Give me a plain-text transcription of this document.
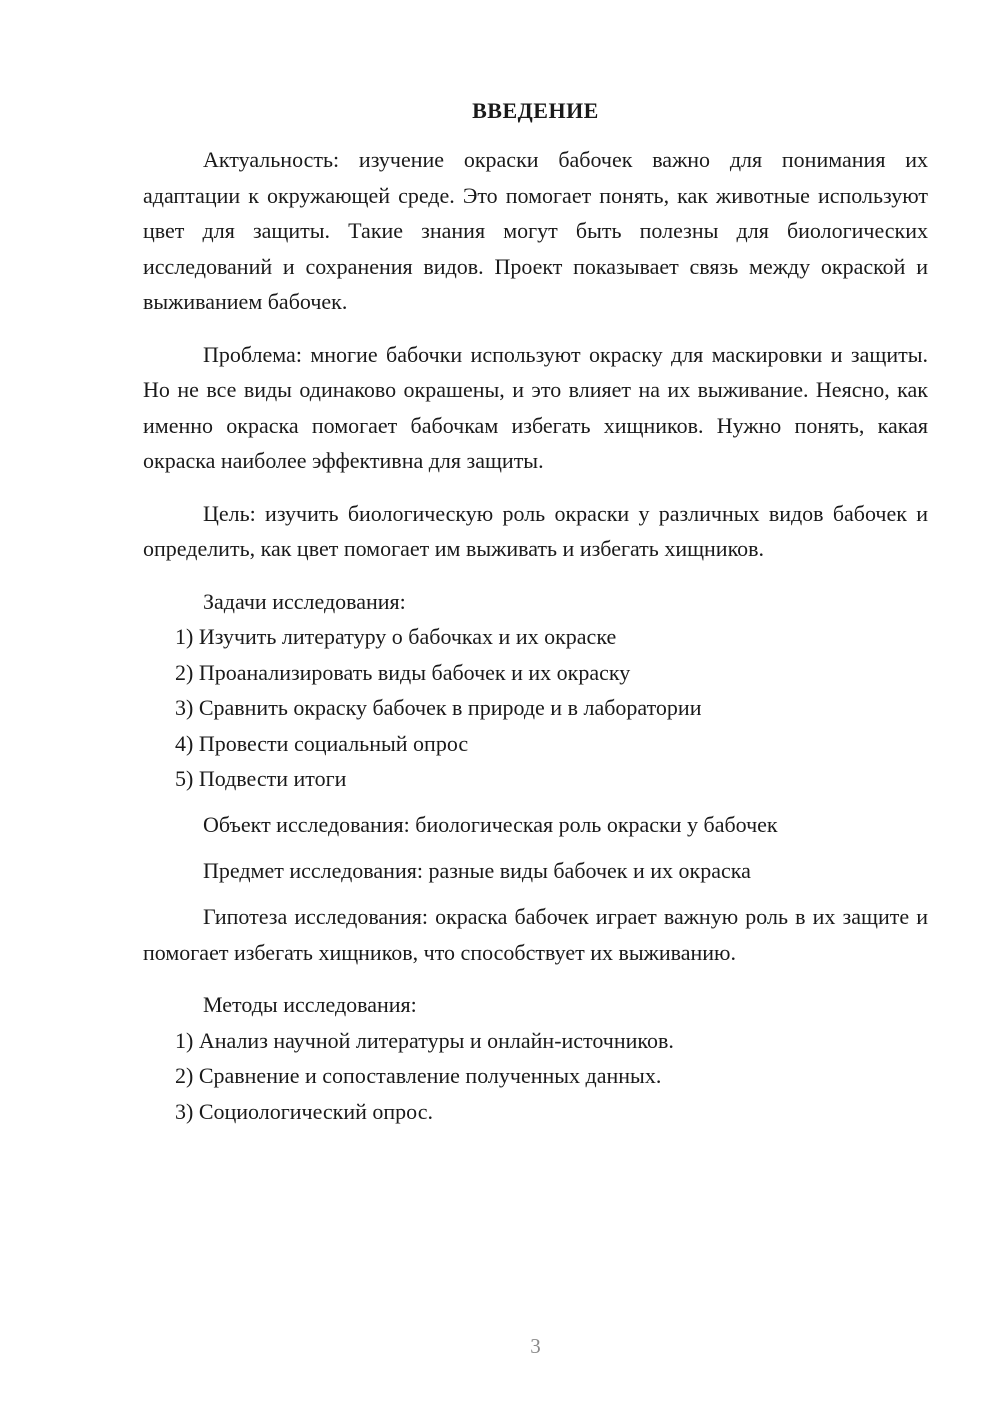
ВВЕДЕНИЕ

Актуальность: изучение окраски бабочек важно для понимания их адаптации к окружающей среде. Это помогает понять, как животные используют цвет для защиты. Такие знания могут быть полезны для биологических исследований и сохранения видов. Проект показывает связь между окраской и выживанием бабочек.

Проблема: многие бабочки используют окраску для маскировки и защиты. Но не все виды одинаково окрашены, и это влияет на их выживание. Неясно, как именно окраска помогает бабочкам избегать хищников. Нужно понять, какая окраска наиболее эффективна для защиты.

Цель: изучить биологическую роль окраски у различных видов бабочек и определить, как цвет помогает им выживать и избегать хищников.

Задачи исследования:

1) Изучить литературу о бабочках и их окраске

2) Проанализировать виды бабочек и их окраску

3) Сравнить окраску бабочек в природе и в лаборатории

4) Провести социальный опрос

5) Подвести итоги

Объект исследования: биологическая роль окраски у бабочек

Предмет исследования: разные виды бабочек и их окраска

Гипотеза исследования: окраска бабочек играет важную роль в их защите и помогает избегать хищников, что способствует их выживанию.

Методы исследования:

1) Анализ научной литературы и онлайн-источников.

2) Сравнение и сопоставление полученных данных.

3) Социологический опрос.

3
